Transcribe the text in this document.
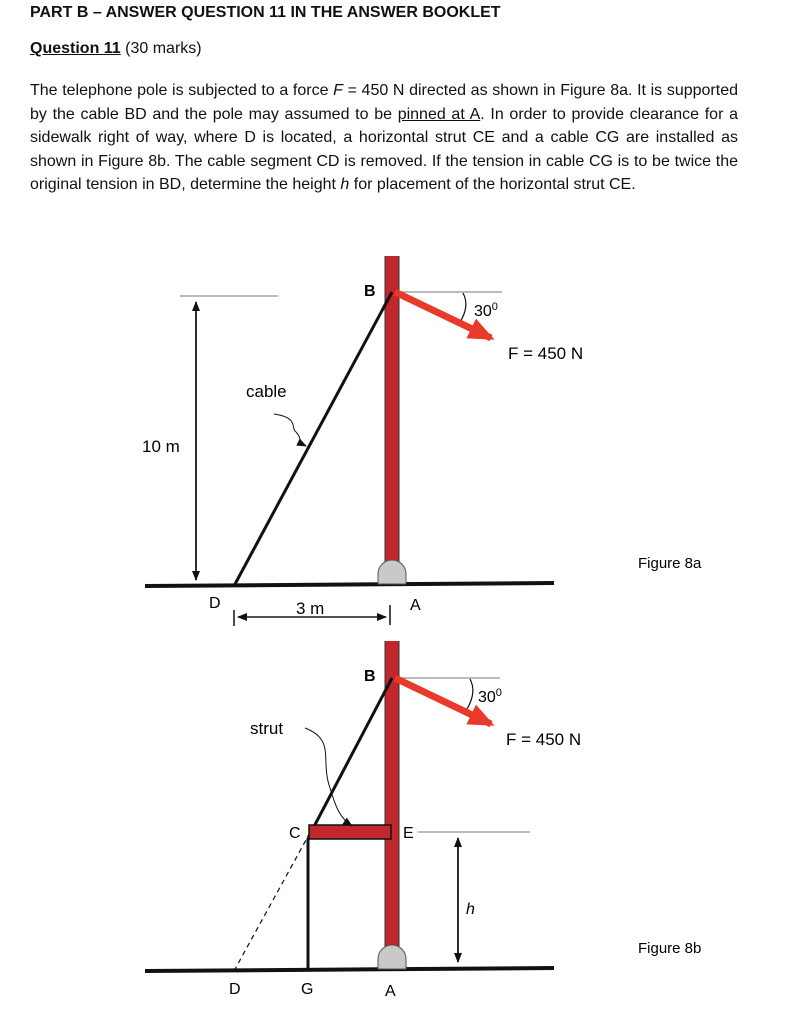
PART B – ANSWER QUESTION 11 IN THE ANSWER BOOKLET
Question 11 (30 marks)
The telephone pole is subjected to a force F = 450 N directed as shown in Figure 8a. It is supported by the cable BD and the pole may assumed to be pinned at A. In order to provide clearance for a sidewalk right of way, where D is located, a horizontal strut CE and a cable CG are installed as shown in Figure 8b. The cable segment CD is removed. If the tension in cable CG is to be twice the original tension in BD, determine the height h for placement of the horizontal strut CE.
B
$30^0$
F = 450 N
cable
10 m
D	3 m	A
Figure 8a
B
$30^0$
F = 450 N
strut
C	E
h
D	G	A
Figure 8b
